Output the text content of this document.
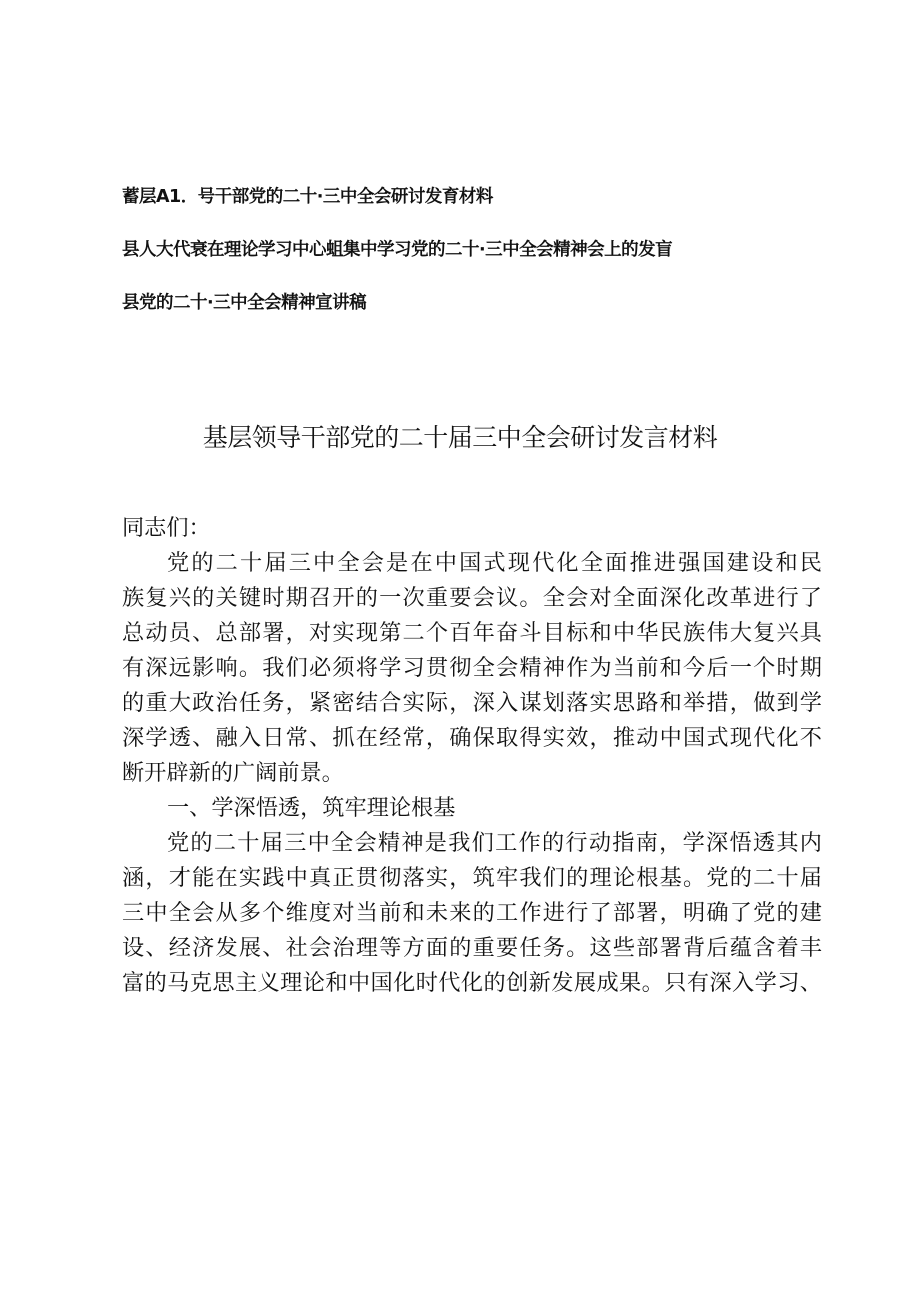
蓄层A1．号干部党的二十·三中全会研讨发育材料
县人大代衰在理论学习中心蛆集中学习党的二十·三中全会精神会上的发盲
县党的二十·三中全会精神宣讲稿
基层领导干部党的二十届三中全会研讨发言材料
同志们：
党的二十届三中全会是在中国式现代化全面推进强国建设和民
族复兴的关键时期召开的一次重要会议。全会对全面深化改革进行了
总动员、总部署，对实现第二个百年奋斗目标和中华民族伟大复兴具
有深远影响。我们必须将学习贯彻全会精神作为当前和今后一个时期
的重大政治任务，紧密结合实际，深入谋划落实思路和举措，做到学
深学透、融入日常、抓在经常，确保取得实效，推动中国式现代化不
断开辟新的广阔前景。
一、学深悟透，筑牢理论根基
党的二十届三中全会精神是我们工作的行动指南，学深悟透其内
涵，才能在实践中真正贯彻落实，筑牢我们的理论根基。党的二十届
三中全会从多个维度对当前和未来的工作进行了部署，明确了党的建
设、经济发展、社会治理等方面的重要任务。这些部署背后蕴含着丰
富的马克思主义理论和中国化时代化的创新发展成果。只有深入学习、
